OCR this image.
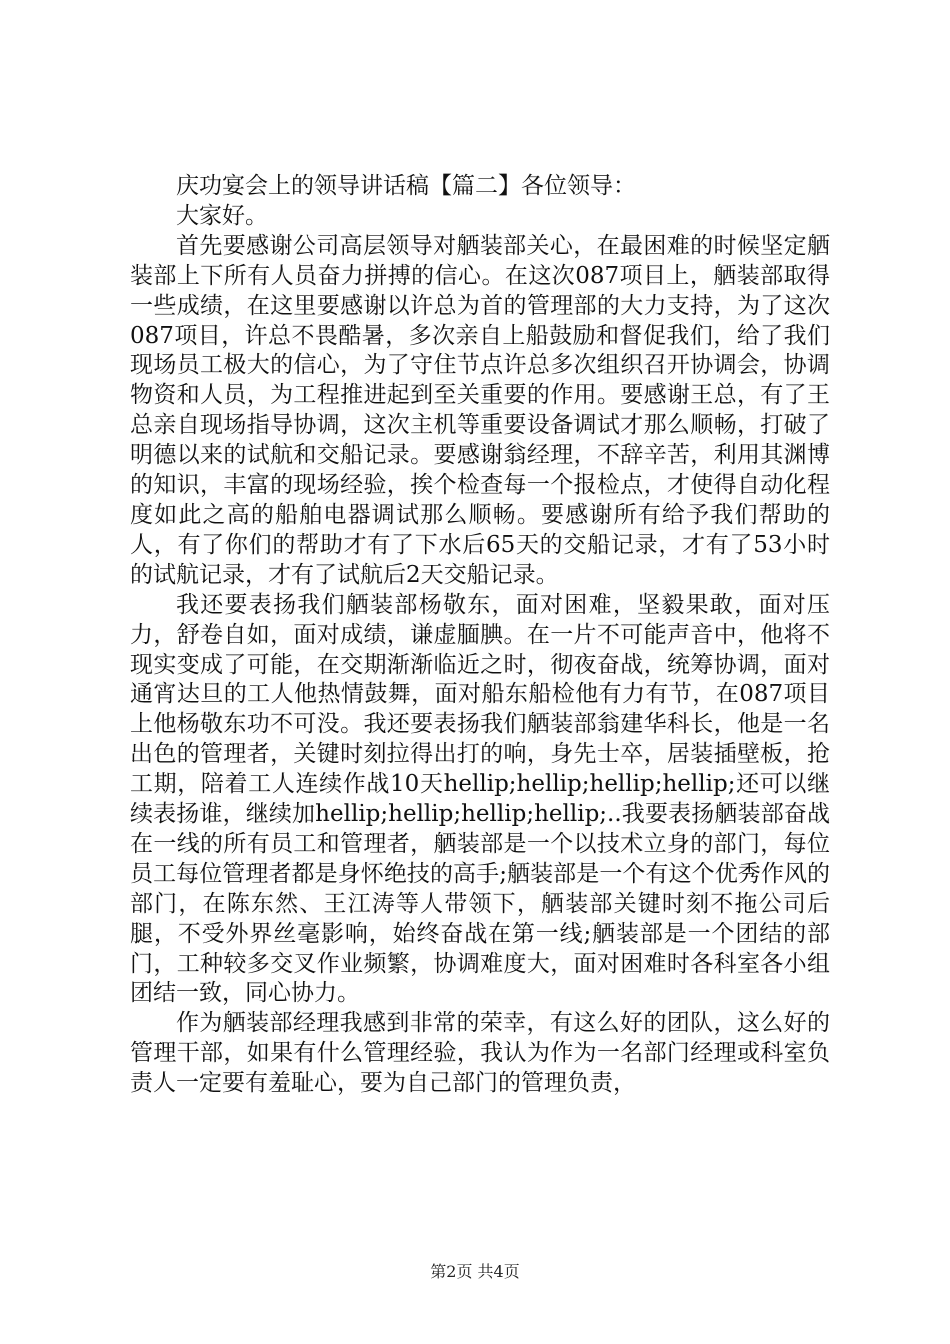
庆功宴会上的领导讲话稿【篇二】各位领导：

大家好。

首先要感谢公司高层领导对舾装部关心，在最困难的时候坚定舾装部上下所有人员奋力拼搏的信心。在这次087项目上，舾装部取得一些成绩，在这里要感谢以许总为首的管理部的大力支持，为了这次087项目，许总不畏酷暑，多次亲自上船鼓励和督促我们，给了我们现场员工极大的信心，为了守住节点许总多次组织召开协调会，协调物资和人员，为工程推进起到至关重要的作用。要感谢王总，有了王总亲自现场指导协调，这次主机等重要设备调试才那么顺畅，打破了明德以来的试航和交船记录。要感谢翁经理，不辞辛苦，利用其渊博的知识，丰富的现场经验，挨个检查每一个报检点，才使得自动化程度如此之高的船舶电器调试那么顺畅。要感谢所有给予我们帮助的人，有了你们的帮助才有了下水后65天的交船记录，才有了53小时的试航记录，才有了试航后2天交船记录。

我还要表扬我们舾装部杨敬东，面对困难，坚毅果敢，面对压力，舒卷自如，面对成绩，谦虚腼腆。在一片不可能声音中，他将不现实变成了可能，在交期渐渐临近之时，彻夜奋战，统筹协调，面对通宵达旦的工人他热情鼓舞，面对船东船检他有力有节，在087项目上他杨敬东功不可没。我还要表扬我们舾装部翁建华科长，他是一名出色的管理者，关键时刻拉得出打的响，身先士卒，居装插壁板，抢工期，陪着工人连续作战10天hellip;hellip;hellip;hellip;还可以继续表扬谁，继续加hellip;hellip;hellip;hellip;..我要表扬舾装部奋战在一线的所有员工和管理者，舾装部是一个以技术立身的部门，每位员工每位管理者都是身怀绝技的高手;舾装部是一个有这个优秀作风的部门，在陈东然、王江涛等人带领下，舾装部关键时刻不拖公司后腿，不受外界丝毫影响，始终奋战在第一线;舾装部是一个团结的部门，工种较多交叉作业频繁，协调难度大，面对困难时各科室各小组团结一致，同心协力。

作为舾装部经理我感到非常的荣幸，有这么好的团队，这么好的管理干部，如果有什么管理经验，我认为作为一名部门经理或科室负责人一定要有羞耻心，要为自己部门的管理负责，

第2页 共4页
